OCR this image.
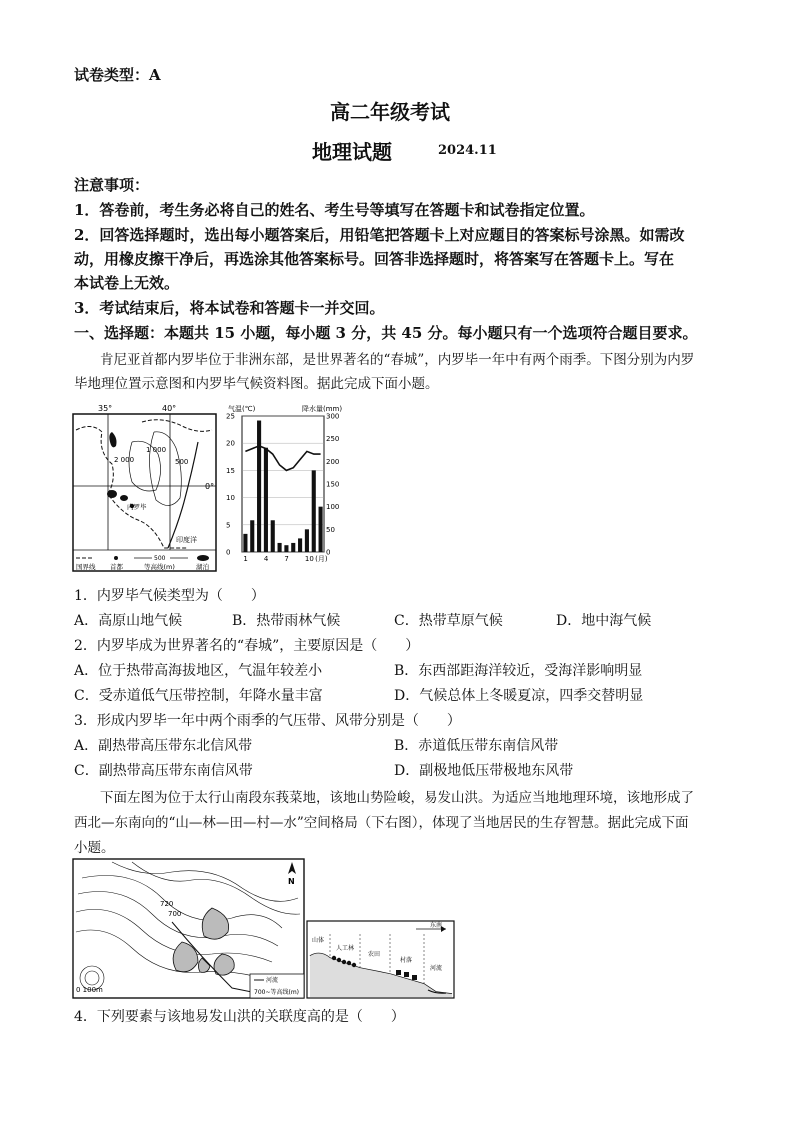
试卷类型：A
高二年级考试
地理试题	2024.11
注意事项：
1．答卷前，考生务必将自己的姓名、考生号等填写在答题卡和试卷指定位置。
2．回答选择题时，选出每小题答案后，用铅笔把答题卡上对应题目的答案标号涂黑。如需改
动，用橡皮擦干净后，再选涂其他答案标号。回答非选择题时，将答案写在答题卡上。写在
本试卷上无效。
3．考试结束后，将本试卷和答题卡一并交回。
一、选择题：本题共 15 小题，每小题 3 分，共 45 分。每小题只有一个选项符合题目要求。
肯尼亚首都内罗毕位于非洲东部，是世界著名的“春城”，内罗毕一年中有两个雨季。下图分别为内罗
毕地理位置示意图和内罗毕气候资料图。据此完成下面小题。
35°	40°
0°
2 000
1 000
500
内罗毕
印度洋
500
国界线 首都	等高线(m)	湖泊
气温(℃)	降水量(mm)
25
20
15
10
5
0
300
250
200
150
100
50
0
1 4 7 10 (月)
1．内罗毕气候类型为（　　）
A．高原山地气候	B．热带雨林气候	C．热带草原气候	D．地中海气候
2．内罗毕成为世界著名的“春城”，主要原因是（　　）
A．位于热带高海拔地区，气温年较差小	B．东西部距海洋较近，受海洋影响明显
C．受赤道低气压带控制，年降水量丰富	D．气候总体上冬暖夏凉，四季交替明显
3．形成内罗毕一年中两个雨季的气压带、风带分别是（　　）
A．副热带高压带东北信风带	B．赤道低压带东南信风带
C．副热带高压带东南信风带	D．副极地低压带极地东风带
下面左图为位于太行山南段东莪菜地，该地山势险峻，易发山洪。为适应当地地理环境，该地形成了
西北—东南向的“山—林—田—村—水”空间格局（下右图），体现了当地居民的生存智慧。据此完成下面
小题。
720
700
N
0 100m
河流
700~等高线(m)
东南
山体
人工林
农田
村落
河流
4．下列要素与该地易发山洪的关联度高的是（　　）
